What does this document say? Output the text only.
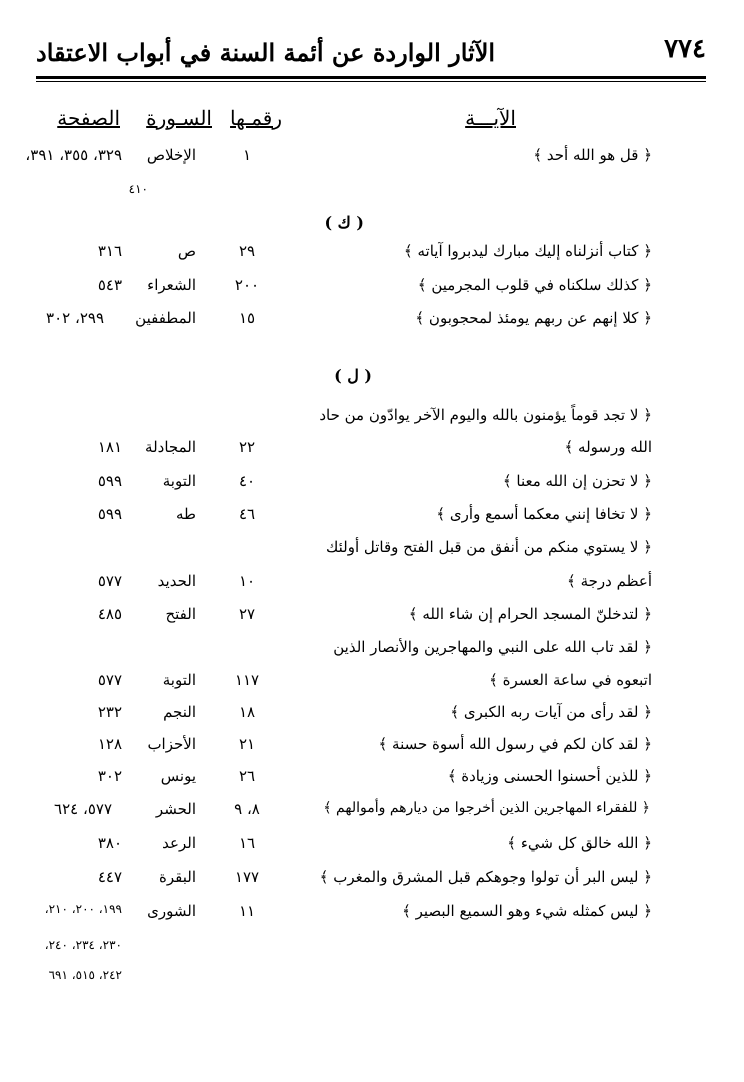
٧٧٤
الآثار الواردة عن أئمة السنة في أبواب الاعتقاد
الآيـــة
رقمـها
السـورة
الصفحة
﴿ قل هو الله أحد ﴾
١
الإخلاص
٣٢٩، ٣٥٥، ٣٩١،
٤١٠
( ك )
﴿ كتاب أنزلناه إليك مبارك ليدبروا آياته ﴾
٢٩
ص
٣١٦
﴿ كذلك سلكناه في قلوب المجرمين ﴾
٢٠٠
الشعراء
٥٤٣
﴿ كلا إنهم عن ربهم يومئذ لمحجوبون ﴾
١٥
المطففين
٢٩٩، ٣٠٢
( ل )
﴿ لا تجد قوماً يؤمنون بالله واليوم الآخر يوادّون من حاد
الله ورسوله ﴾
٢٢
المجادلة
١٨١
﴿ لا تحزن إن الله معنا ﴾
٤٠
التوبة
٥٩٩
﴿ لا تخافا إنني معكما أسمع وأرى ﴾
٤٦
طه
٥٩٩
﴿ لا يستوي منكم من أنفق من قبل الفتح وقاتل أولئك
أعظم درجة ﴾
١٠
الحديد
٥٧٧
﴿ لتدخلنّ المسجد الحرام إن شاء الله ﴾
٢٧
الفتح
٤٨٥
﴿ لقد تاب الله على النبي والمهاجرين والأنصار الذين
اتبعوه في ساعة العسرة ﴾
١١٧
التوبة
٥٧٧
﴿ لقد رأى من آيات ربه الكبرى ﴾
١٨
النجم
٢٣٢
﴿ لقد كان لكم في رسول الله أسوة حسنة ﴾
٢١
الأحزاب
١٢٨
﴿ للذين أحسنوا الحسنى وزيادة ﴾
٢٦
يونس
٣٠٢
﴿ للفقراء المهاجرين الذين أخرجوا من ديارهم وأموالهم ﴾
٨، ٩
الحشر
٥٧٧، ٦٢٤
﴿ الله خالق كل شيء ﴾
١٦
الرعد
٣٨٠
﴿ ليس البر أن تولوا وجوهكم قبل المشرق والمغرب ﴾
١٧٧
البقرة
٤٤٧
﴿ ليس كمثله شيء وهو السميع البصير ﴾
١١
الشورى
١٩٩، ٢٠٠، ٢١٠،
٢٣٠، ٢٣٤، ٢٤٠،
٢٤٢، ٥١٥، ٦٩١
